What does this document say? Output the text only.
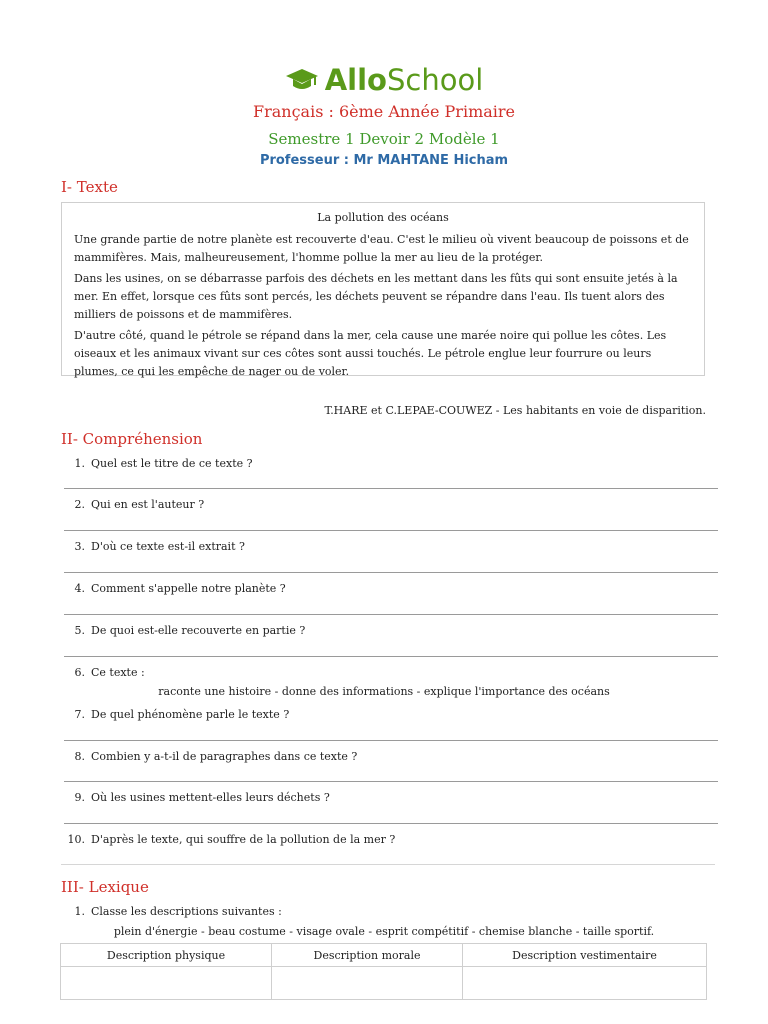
AlloSchool
Français : 6ème Année Primaire
Semestre 1 Devoir 2 Modèle 1
Professeur : Mr MAHTANE Hicham
I- Texte
La pollution des océans

Une grande partie de notre planète est recouverte d'eau. C'est le milieu où vivent beaucoup de poissons et de mammifères. Mais, malheureusement, l'homme pollue la mer au lieu de la protéger.

Dans les usines, on se débarrasse parfois des déchets en les mettant dans les fûts qui sont ensuite jetés à la mer. En effet, lorsque ces fûts sont percés, les déchets peuvent se répandre dans l'eau. Ils tuent alors des milliers de poissons et de mammifères.

D'autre côté, quand le pétrole se répand dans la mer, cela cause une marée noire qui pollue les côtes. Les oiseaux et les animaux vivant sur ces côtes sont aussi touchés. Le pétrole englue leur fourrure ou leurs plumes, ce qui les empêche de nager ou de voler.

T.HARE et C.LEPAE-COUWEZ - Les habitants en voie de disparition.
II- Compréhension
1. Quel est le titre de ce texte ?
2. Qui en est l'auteur ?
3. D'où ce texte est-il extrait ?
4. Comment s'appelle notre planète ?
5. De quoi est-elle recouverte en partie ?
6. Ce texte :
raconte une histoire - donne des informations - explique l'importance des océans
7. De quel phénomène parle le texte ?
8. Combien y a-t-il de paragraphes dans ce texte ?
9. Où les usines mettent-elles leurs déchets ?
10. D'après le texte, qui souffre de la pollution de la mer ?
III- Lexique
1. Classe les descriptions suivantes :
plein d'énergie - beau costume - visage ovale - esprit compétitif - chemise blanche - taille sportif.
Description physique	Description morale	Description vestimentaire
